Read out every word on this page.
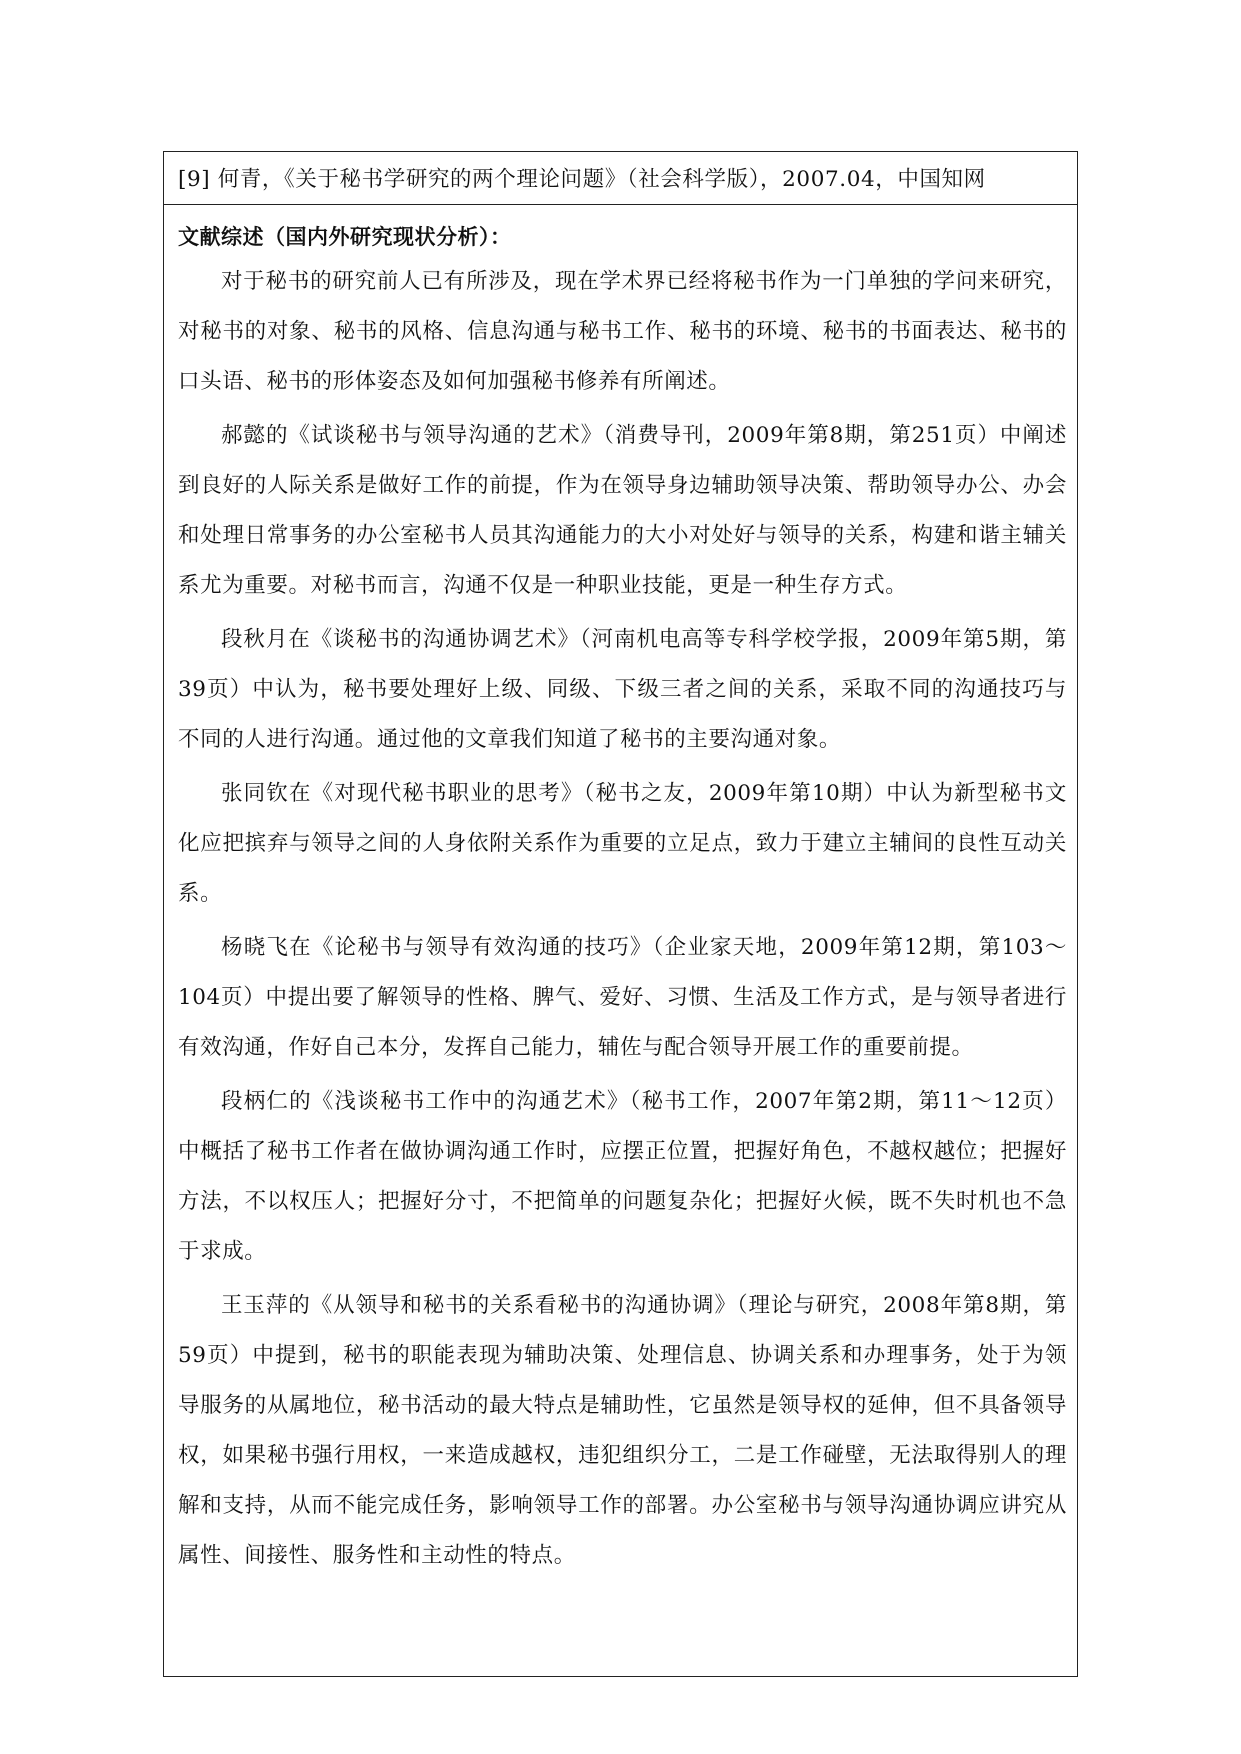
[9] 何青，《关于秘书学研究的两个理论问题》（社会科学版），2007.04，中国知网
文献综述（国内外研究现状分析）：

对于秘书的研究前人已有所涉及，现在学术界已经将秘书作为一门单独的学问来研究，对秘书的对象、秘书的风格、信息沟通与秘书工作、秘书的环境、秘书的书面表达、秘书的口头语、秘书的形体姿态及如何加强秘书修养有所阐述。

郝懿的《试谈秘书与领导沟通的艺术》（消费导刊，2009年第8期，第251页）中阐述到良好的人际关系是做好工作的前提，作为在领导身边辅助领导决策、帮助领导办公、办会和处理日常事务的办公室秘书人员其沟通能力的大小对处好与领导的关系，构建和谐主辅关系尤为重要。对秘书而言，沟通不仅是一种职业技能，更是一种生存方式。

段秋月在《谈秘书的沟通协调艺术》（河南机电高等专科学校学报，2009年第5期，第39页）中认为，秘书要处理好上级、同级、下级三者之间的关系，采取不同的沟通技巧与不同的人进行沟通。通过他的文章我们知道了秘书的主要沟通对象。

张同钦在《对现代秘书职业的思考》（秘书之友，2009年第10期）中认为新型秘书文化应把摈弃与领导之间的人身依附关系作为重要的立足点，致力于建立主辅间的良性互动关系。

杨晓飞在《论秘书与领导有效沟通的技巧》（企业家天地，2009年第12期，第103～104页）中提出要了解领导的性格、脾气、爱好、习惯、生活及工作方式，是与领导者进行有效沟通，作好自己本分，发挥自己能力，辅佐与配合领导开展工作的重要前提。

段柄仁的《浅谈秘书工作中的沟通艺术》（秘书工作，2007年第2期，第11～12页）中概括了秘书工作者在做协调沟通工作时，应摆正位置，把握好角色，不越权越位；把握好方法，不以权压人；把握好分寸，不把简单的问题复杂化；把握好火候，既不失时机也不急于求成。

王玉萍的《从领导和秘书的关系看秘书的沟通协调》（理论与研究，2008年第8期，第59页）中提到，秘书的职能表现为辅助决策、处理信息、协调关系和办理事务，处于为领导服务的从属地位，秘书活动的最大特点是辅助性，它虽然是领导权的延伸，但不具备领导权，如果秘书强行用权，一来造成越权，违犯组织分工，二是工作碰壁，无法取得别人的理解和支持，从而不能完成任务，影响领导工作的部署。办公室秘书与领导沟通协调应讲究从属性、间接性、服务性和主动性的特点。
